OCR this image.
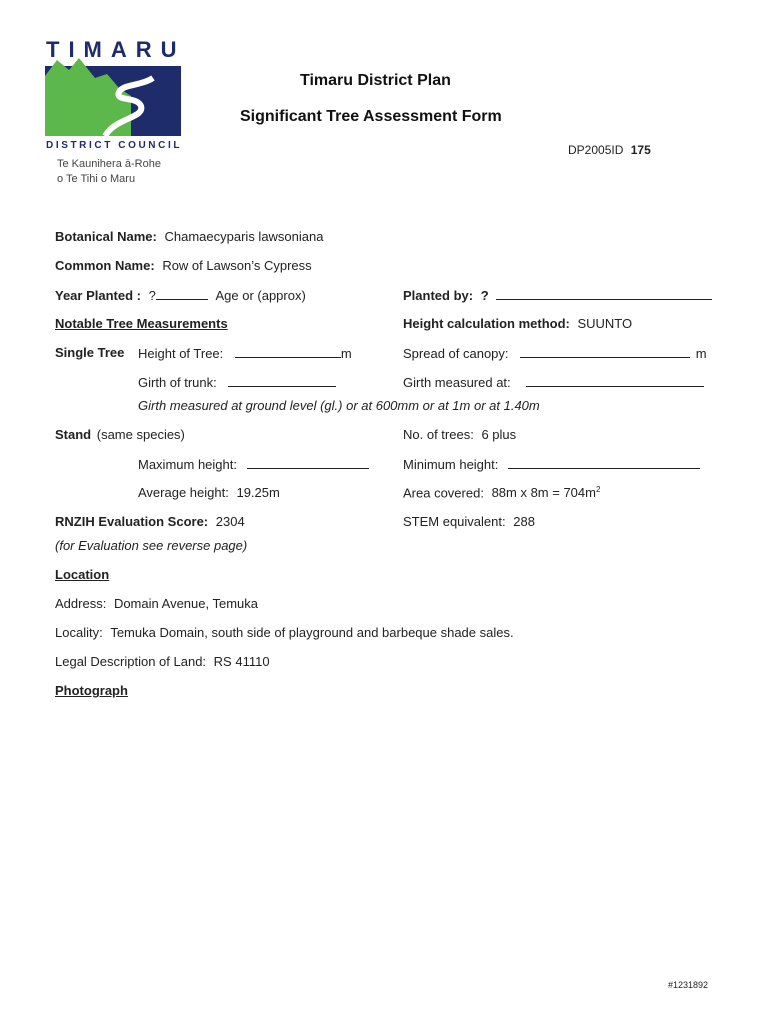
TIMARU
DISTRICT COUNCIL
Te Kaunihera ā-Rohe
o Te Tihi o Maru
Timaru District Plan
Significant Tree Assessment Form
DP2005ID 175
Botanical Name: Chamaecyparis lawsoniana
Common Name: Row of Lawson’s Cypress
Year Planted : ?	Age or (approx)	Planted by: ?
Notable Tree Measurements	Height calculation method: SUUNTO
Single Tree Height of Tree:	m	Spread of canopy:	m
Girth of trunk:	Girth measured at:
Girth measured at ground level (gl.) or at 600mm or at 1m or at 1.40m
Stand (same species)	No. of trees: 6 plus
Maximum height:	Minimum height:
Average height: 19.25m	Area covered: 88m x $8m = 704m^2$
RNZIH Evaluation Score: 2304	STEM equivalent: 288
(for Evaluation see reverse page)
Location
Address: Domain Avenue, Temuka
Locality: Temuka Domain, south side of playground and barbeque shade sales.
Legal Description of Land: RS 41110
Photograph
#1231892
